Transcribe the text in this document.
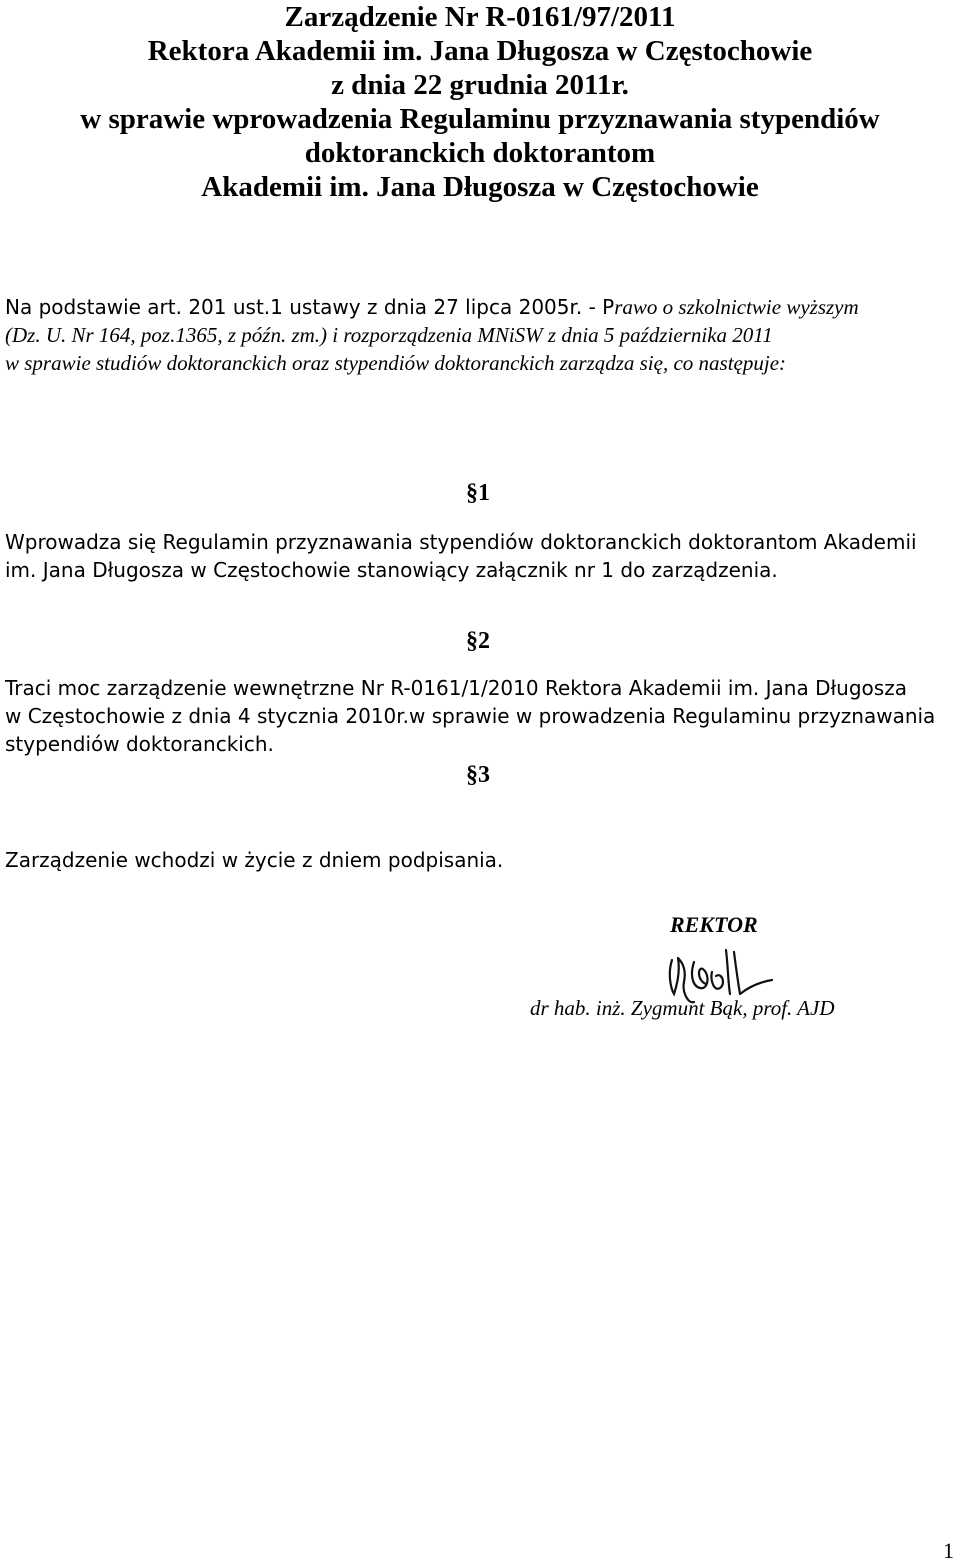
Zarządzenie Nr R-0161/97/2011
Rektora Akademii im. Jana Długosza w Częstochowie
z dnia 22 grudnia 2011r.
w sprawie wprowadzenia Regulaminu przyznawania stypendiów
doktoranckich doktorantom
Akademii im. Jana Długosza w Częstochowie
Na podstawie art. 201 ust.1 ustawy z dnia 27 lipca 2005r. - Prawo o szkolnictwie wyższym
(Dz. U. Nr 164, poz.1365, z późn. zm.) i rozporządzenia MNiSW z dnia 5 października 2011
w sprawie studiów doktoranckich oraz stypendiów doktoranckich zarządza się, co następuje:
§1
Wprowadza się Regulamin przyznawania stypendiów doktoranckich doktorantom Akademii
im. Jana Długosza w Częstochowie stanowiący załącznik nr 1 do zarządzenia.
§2
Traci moc zarządzenie wewnętrzne Nr R-0161/1/2010 Rektora Akademii im. Jana Długosza
w Częstochowie z dnia 4 stycznia 2010r.w sprawie w prowadzenia Regulaminu przyznawania
stypendiów doktoranckich.
§3
Zarządzenie wchodzi w życie z dniem podpisania.
REKTOR
dr hab. inż. Zygmunt Bąk, prof. AJD
1
